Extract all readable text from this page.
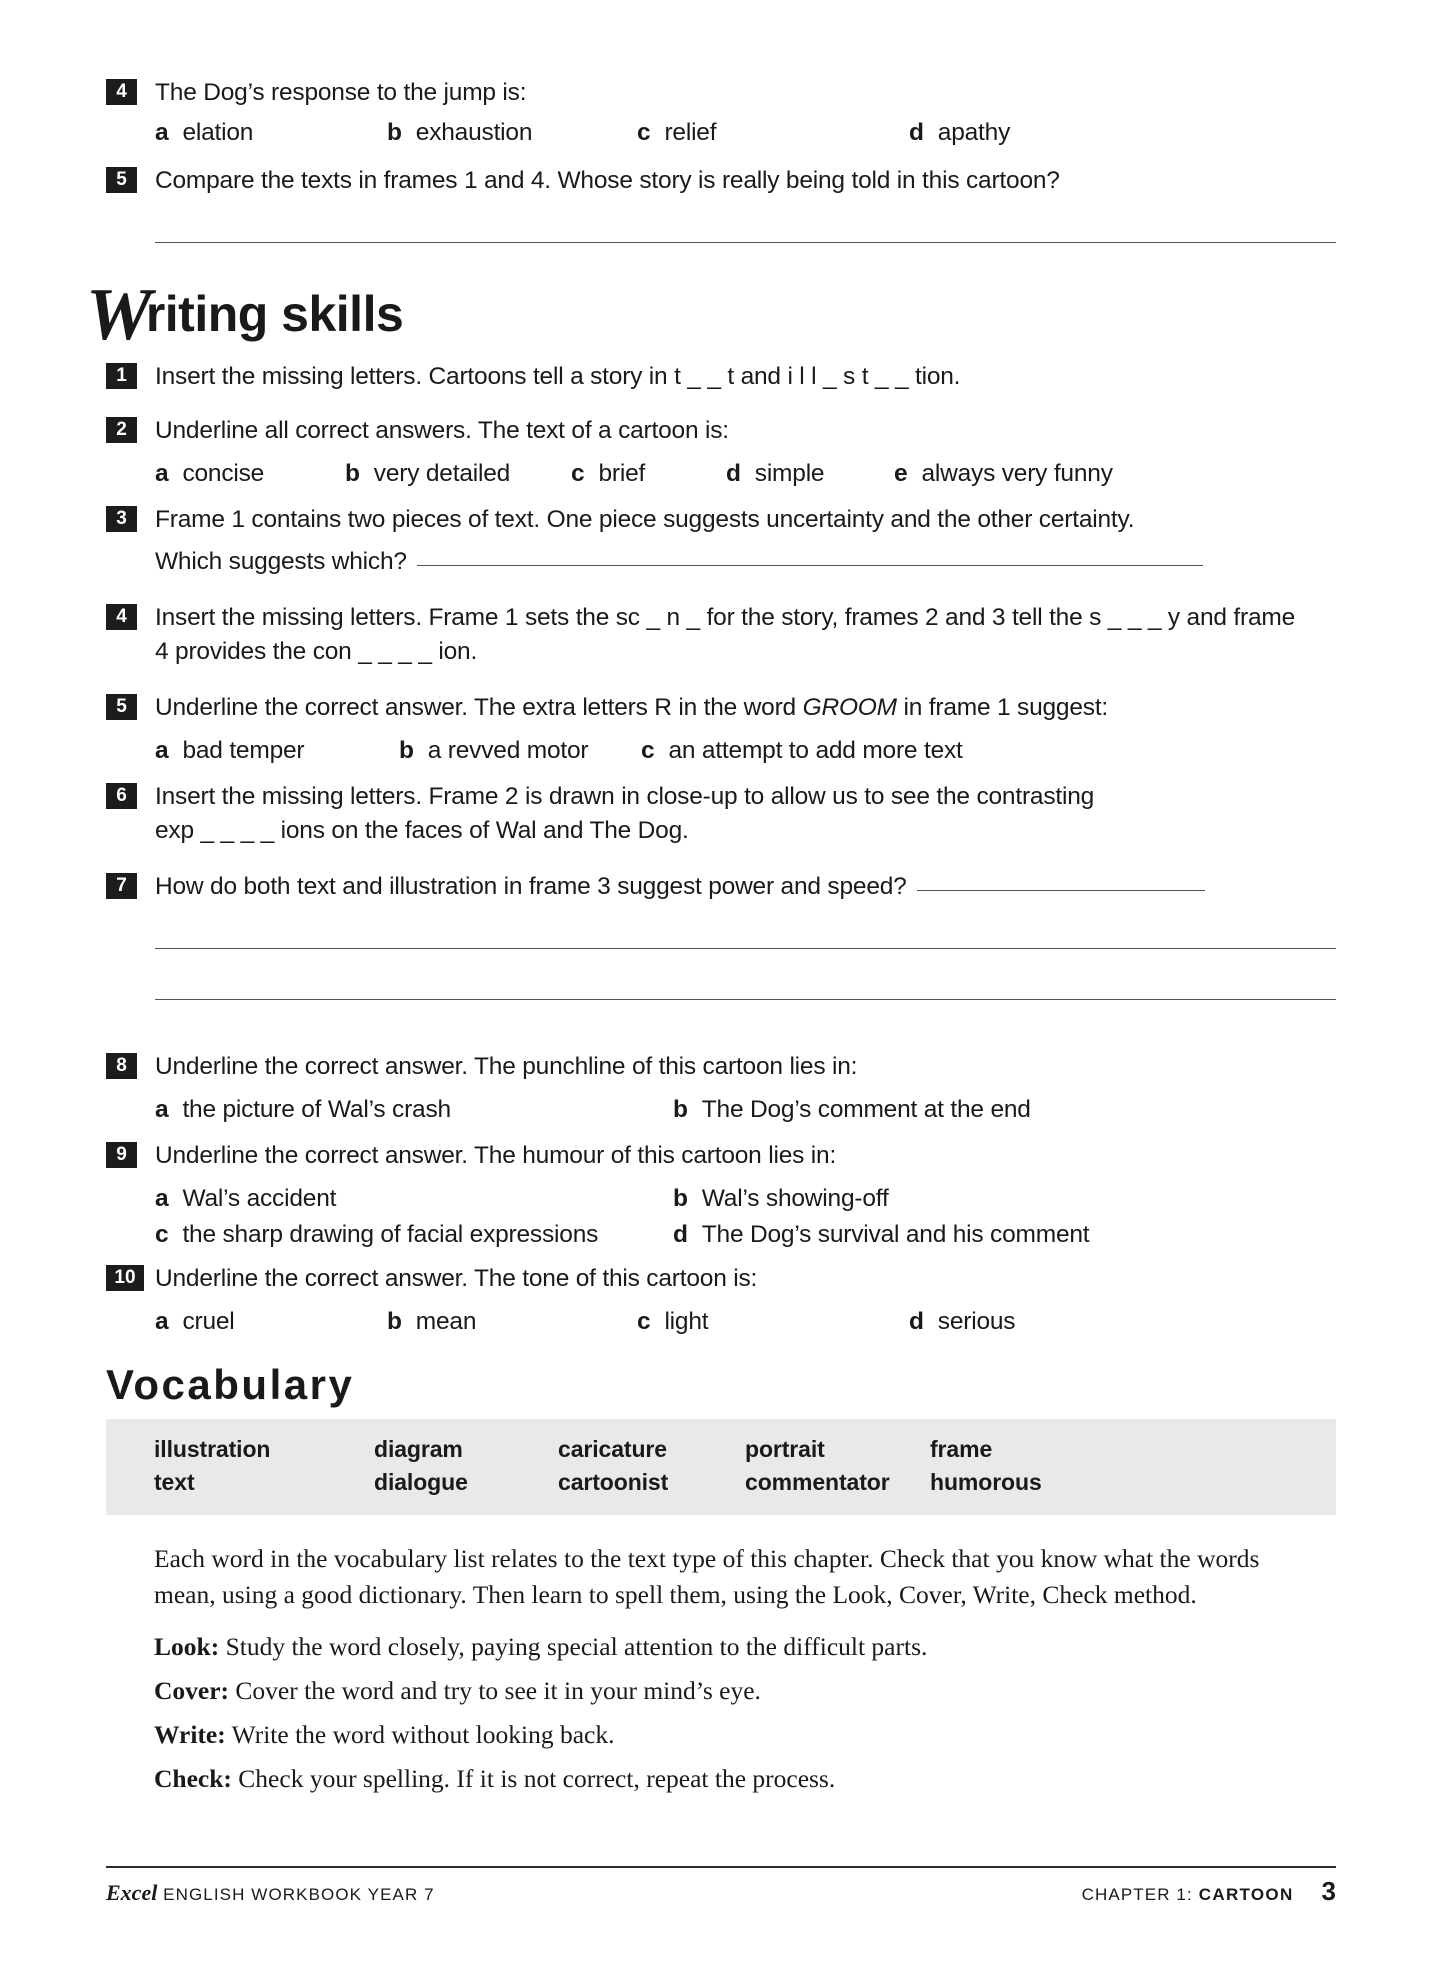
4	The Dog’s response to the jump is:
a elation	b exhaustion	c relief	d apathy
5	Compare the texts in frames 1 and 4. Whose story is really being told in this cartoon?
Writing skills
1	Insert the missing letters. Cartoons tell a story in t _ _ t and i l l _ s t _ _ tion.
2	Underline all correct answers. The text of a cartoon is:
a concise	b very detailed c brief	d simple	e always very funny
3	Frame 1 contains two pieces of text. One piece suggests uncertainty and the other certainty.
Which suggests which?
4	Insert the missing letters. Frame 1 sets the sc _ n _ for the story, frames 2 and 3 tell the s _ _ _ y and frame
4 provides the con _ _ _ _ ion.
5	Underline the correct answer. The extra letters R in the word GROOM in frame 1 suggest:
a bad temper	b a revved motor c an attempt to add more text
6	Insert the missing letters. Frame 2 is drawn in close-up to allow us to see the contrasting
exp _ _ _ _ ions on the faces of Wal and The Dog.
7	How do both text and illustration in frame 3 suggest power and speed?
8	Underline the correct answer. The punchline of this cartoon lies in:
a the picture of Wal’s crash	b The Dog’s comment at the end
9	Underline the correct answer. The humour of this cartoon lies in:
a Wal’s accident	b Wal’s showing-off
c the sharp drawing of facial expressions	d The Dog’s survival and his comment
10 Underline the correct answer. The tone of this cartoon is:
a cruel	b mean	c light	d serious
Vocabulary
illustration	diagram	caricature	portrait	frame
text	dialogue	cartoonist	commentator	humorous

Each word in the vocabulary list relates to the text type of this chapter. Check that you know what the words mean, using a good dictionary. Then learn to spell them, using the Look, Cover, Write, Check method.

Look: Study the word closely, paying special attention to the difficult parts.

Cover: Cover the word and try to see it in your mind’s eye.

Write: Write the word without looking back.

Check: Check your spelling. If it is not correct, repeat the process.

Excel ENGLISH WORKBOOK YEAR 7	CHAPTER 1: CARTOON 3
